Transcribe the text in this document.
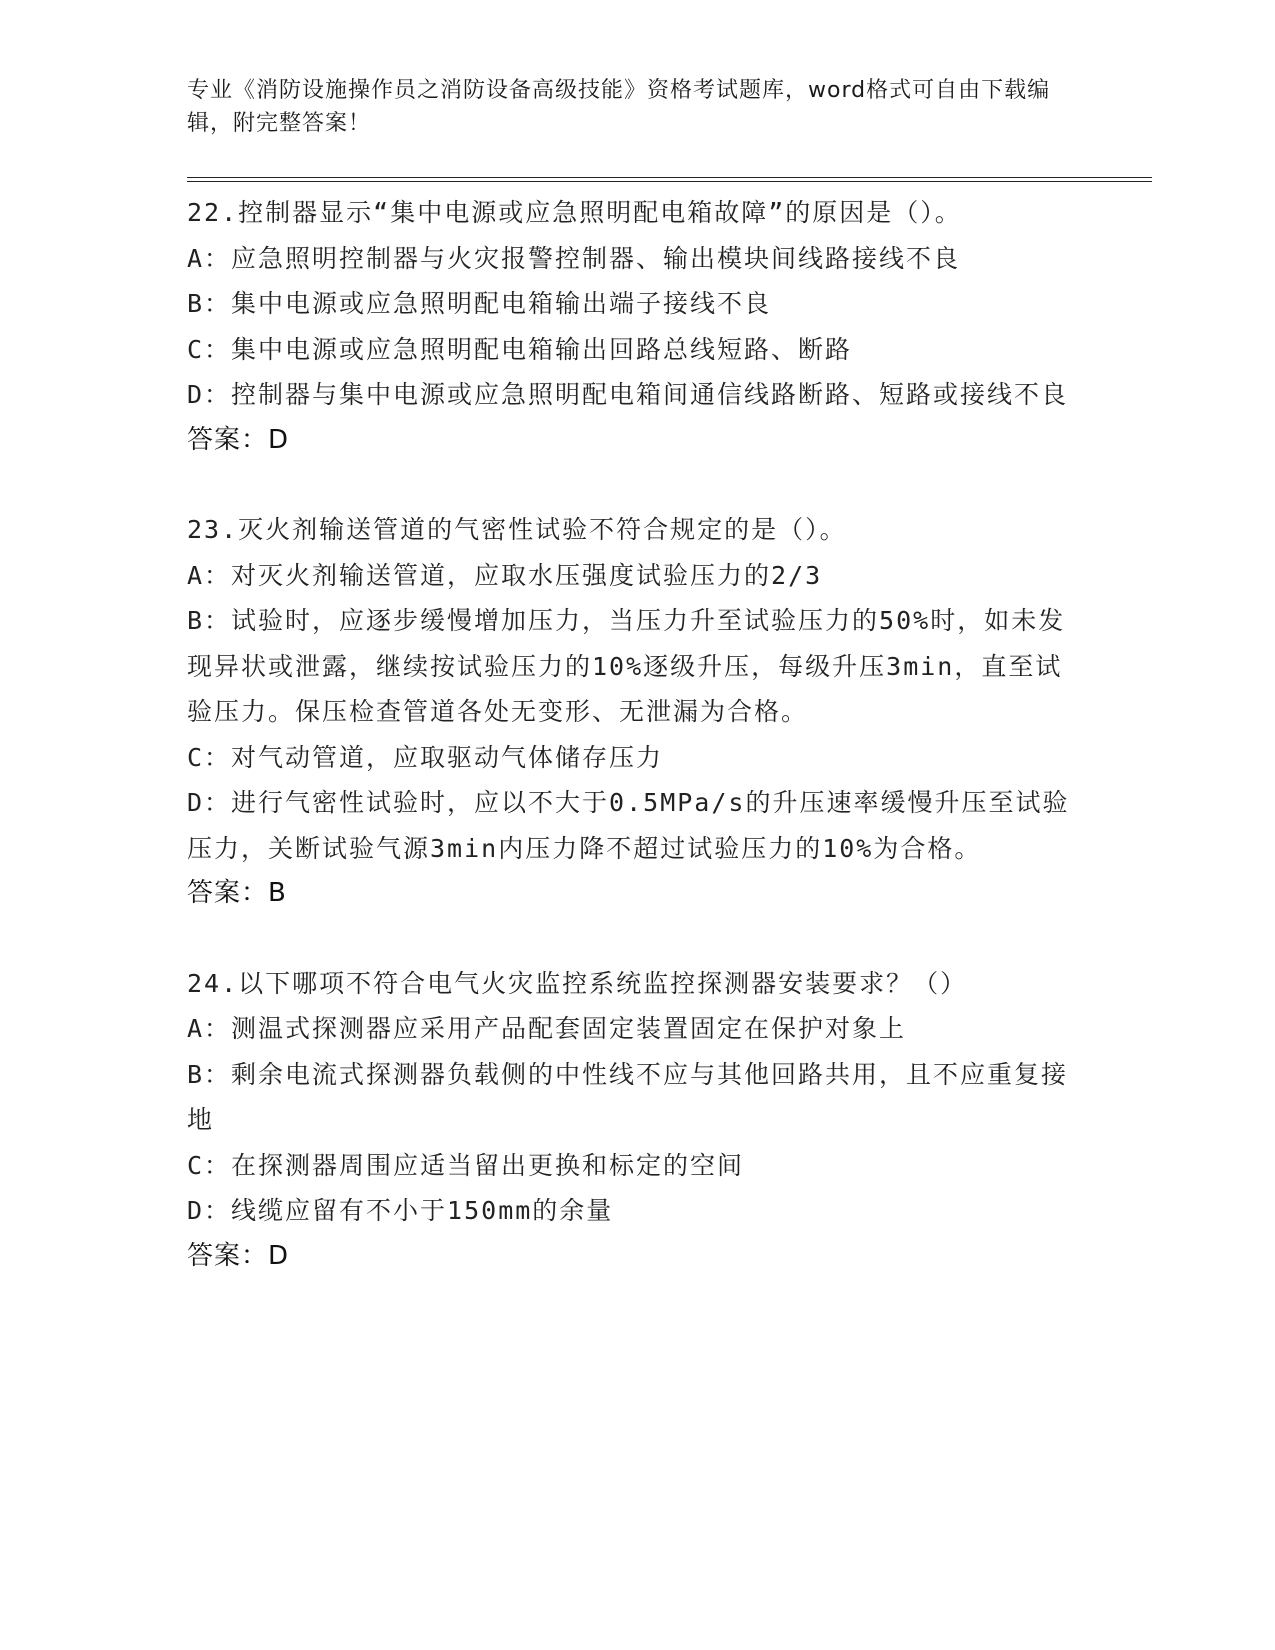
专业《消防设施操作员之消防设备高级技能》资格考试题库，word格式可自由下载编辑，附完整答案！
22.控制器显示“集中电源或应急照明配电箱故障”的原因是（）。
A：应急照明控制器与火灾报警控制器、输出模块间线路接线不良
B：集中电源或应急照明配电箱输出端子接线不良
C：集中电源或应急照明配电箱输出回路总线短路、断路
D：控制器与集中电源或应急照明配电箱间通信线路断路、短路或接线不良
答案：D
23.灭火剂输送管道的气密性试验不符合规定的是（）。
A：对灭火剂输送管道，应取水压强度试验压力的2/3
B：试验时，应逐步缓慢增加压力，当压力升至试验压力的50%时，如未发现异状或泄露，继续按试验压力的10%逐级升压，每级升压3min，直至试验压力。保压检查管道各处无变形、无泄漏为合格。
C：对气动管道，应取驱动气体储存压力
D：进行气密性试验时，应以不大于0.5MPa/s的升压速率缓慢升压至试验压力，关断试验气源3min内压力降不超过试验压力的10%为合格。
答案：B
24.以下哪项不符合电气火灾监控系统监控探测器安装要求？（）
A：测温式探测器应采用产品配套固定装置固定在保护对象上
B：剩余电流式探测器负载侧的中性线不应与其他回路共用，且不应重复接地
C：在探测器周围应适当留出更换和标定的空间
D：线缆应留有不小于150mm的余量
答案：D
